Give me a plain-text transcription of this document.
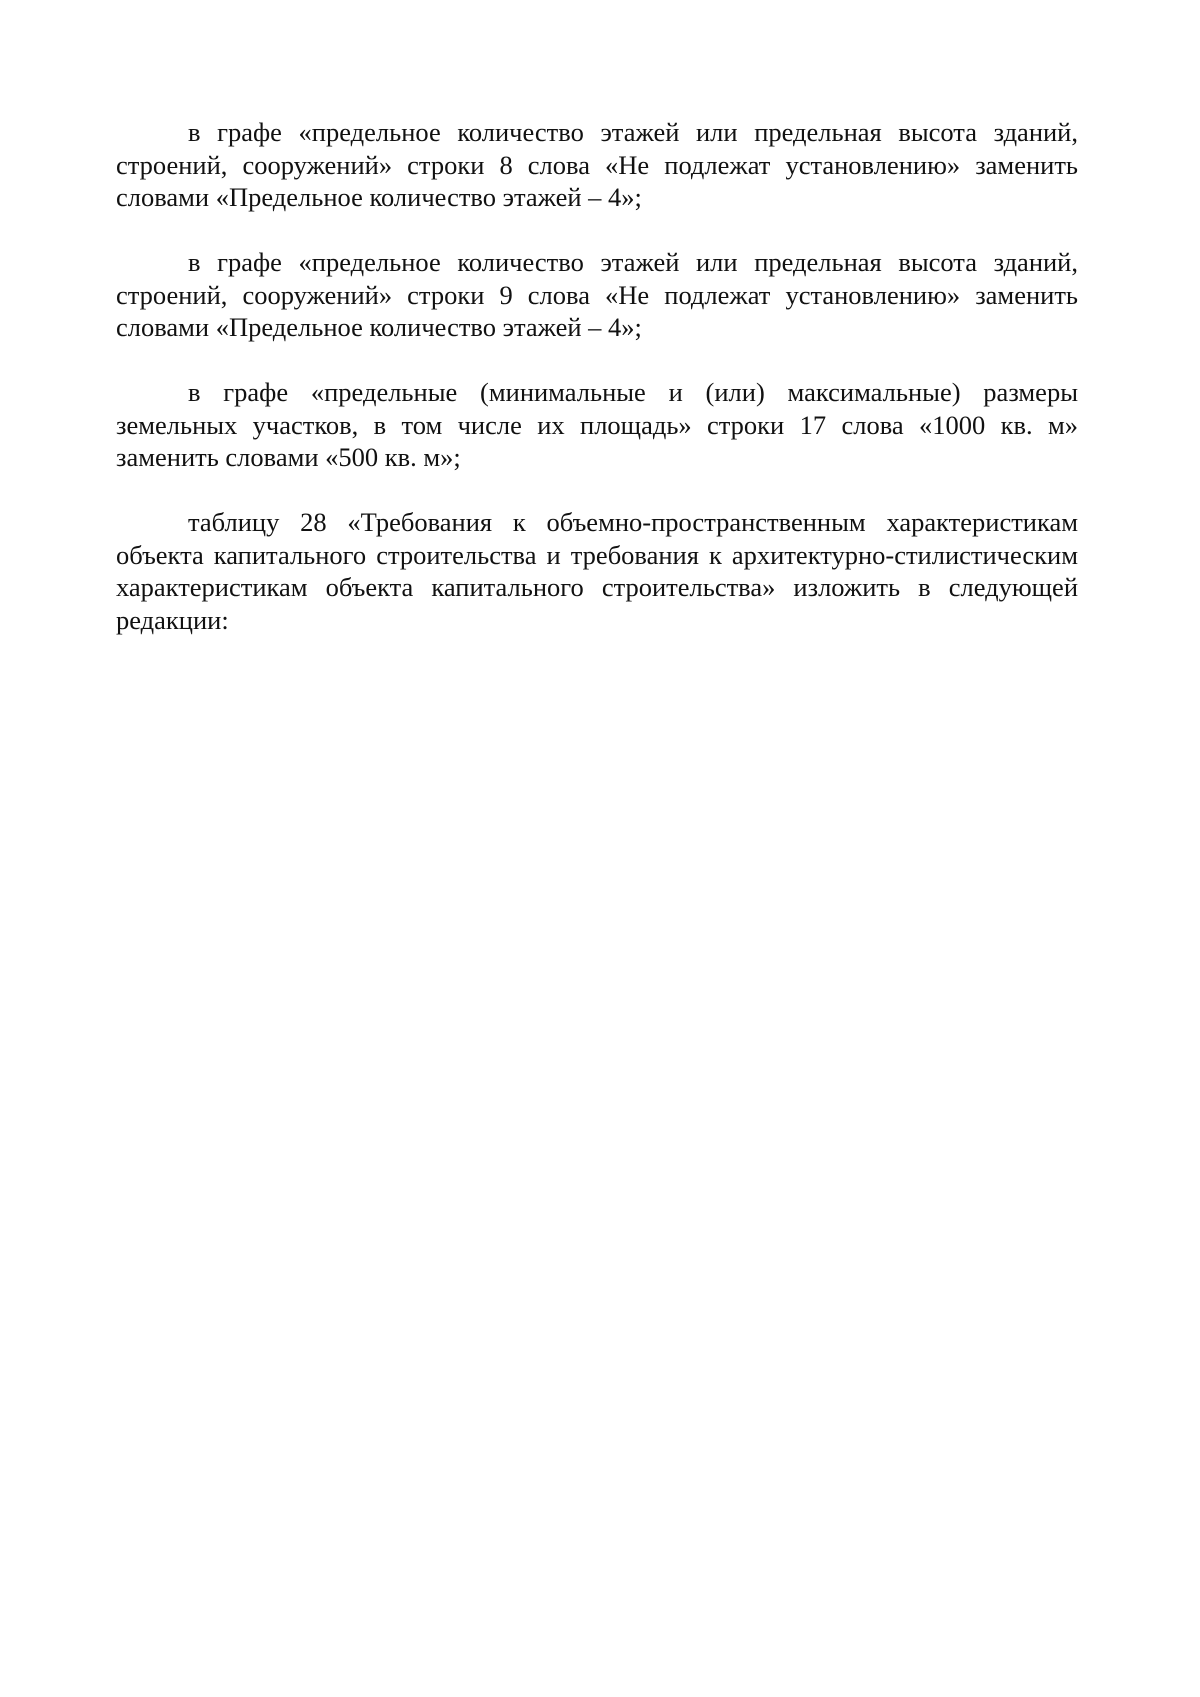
в графе «предельное количество этажей или предельная высота зданий, строений, сооружений» строки 8 слова «Не подлежат установлению» заменить словами «Предельное количество этажей – 4»;

в графе «предельное количество этажей или предельная высота зданий, строений, сооружений» строки 9 слова «Не подлежат установлению» заменить словами «Предельное количество этажей – 4»;

в графе «предельные (минимальные и (или) максимальные) размеры земельных участков, в том числе их площадь» строки 17 слова «1000 кв. м» заменить словами «500 кв. м»;

таблицу 28 «Требования к объемно-пространственным характеристикам объекта капитального строительства и требования к архитектурно-стилистическим характеристикам объекта капитального строительства» изложить в следующей редакции:
